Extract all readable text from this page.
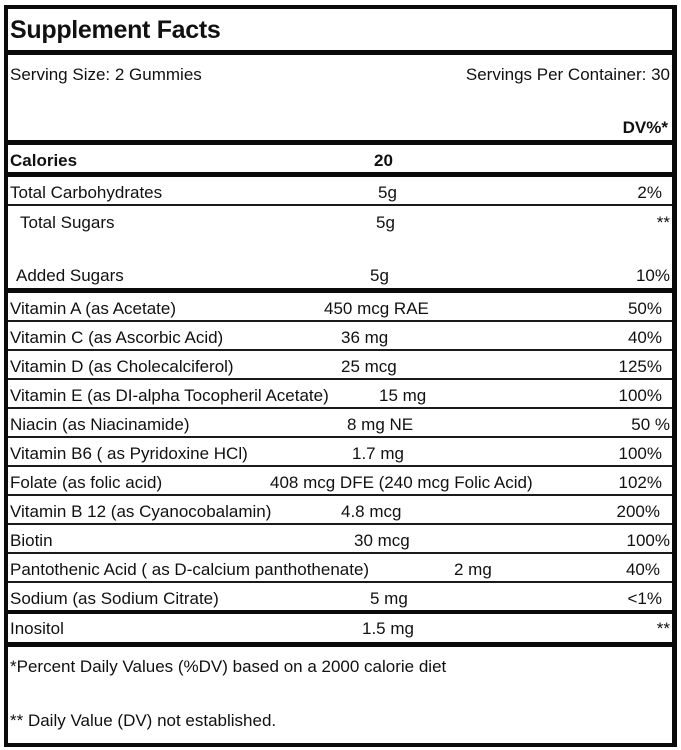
Supplement Facts
Serving Size: 2 Gummies	Servings Per Container: 30
DV%*
Calories	20
Total Carbohydrates	5g	2%
Total Sugars	5g	**
Added Sugars	5g	10%
Vitamin A (as Acetate)	450 mcg RAE	50%
Vitamin C (as Ascorbic Acid)	36 mg	40%
Vitamin D (as Cholecalciferol)	25 mcg	125%
Vitamin E (as DI-alpha Tocopheril Acetate)	15 mg	100%
Niacin (as Niacinamide)	8 mg NE	50 %
Vitamin B6 ( as Pyridoxine HCl)	1.7 mg	100%
Folate (as folic acid)	408 mcg DFE (240 mcg Folic Acid)	102%
Vitamin B 12 (as Cyanocobalamin)	4.8 mcg	200%
Biotin	30 mcg	100%
Pantothenic Acid ( as D-calcium panthothenate)	2 mg	40%
Sodium (as Sodium Citrate)	5 mg	<1%
Inositol	1.5 mg	**
*Percent Daily Values (%DV) based on a 2000 calorie diet
** Daily Value (DV) not established.
